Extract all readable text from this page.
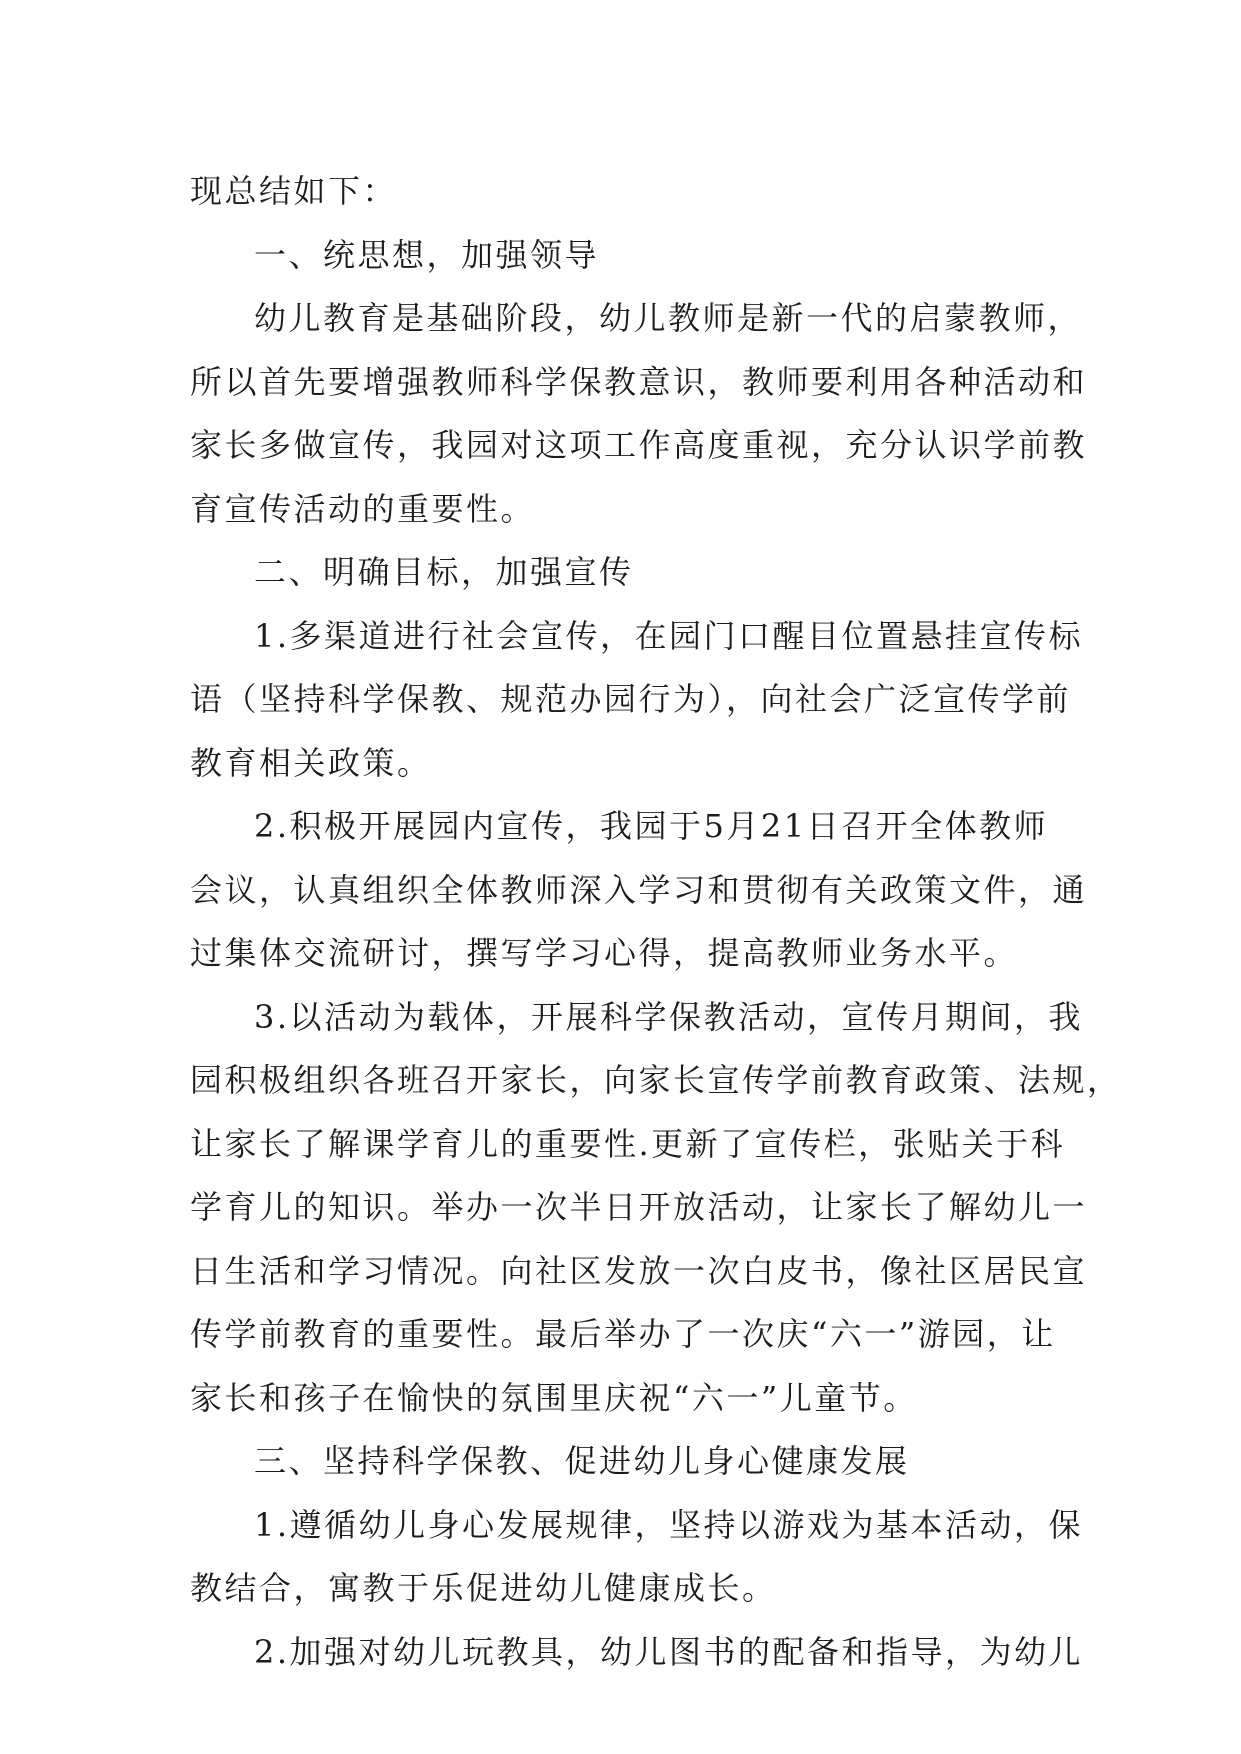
现总结如下：
一、统思想，加强领导
幼儿教育是基础阶段，幼儿教师是新一代的启蒙教师，
所以首先要增强教师科学保教意识，教师要利用各种活动和
家长多做宣传，我园对这项工作高度重视，充分认识学前教
育宣传活动的重要性。
二、明确目标，加强宣传
1.多渠道进行社会宣传，在园门口醒目位置悬挂宣传标
语（坚持科学保教、规范办园行为），向社会广泛宣传学前
教育相关政策。
2.积极开展园内宣传，我园于5月21日召开全体教师
会议，认真组织全体教师深入学习和贯彻有关政策文件，通
过集体交流研讨，撰写学习心得，提高教师业务水平。
3.以活动为载体，开展科学保教活动，宣传月期间，我
园积极组织各班召开家长，向家长宣传学前教育政策、法规，
让家长了解课学育儿的重要性.更新了宣传栏，张贴关于科
学育儿的知识。举办一次半日开放活动，让家长了解幼儿一
日生活和学习情况。向社区发放一次白皮书，像社区居民宣
传学前教育的重要性。最后举办了一次庆“六一”游园，让
家长和孩子在愉快的氛围里庆祝“六一”儿童节。
三、坚持科学保教、促进幼儿身心健康发展
1.遵循幼儿身心发展规律，坚持以游戏为基本活动，保
教结合，寓教于乐促进幼儿健康成长。
2.加强对幼儿玩教具，幼儿图书的配备和指导，为幼儿
